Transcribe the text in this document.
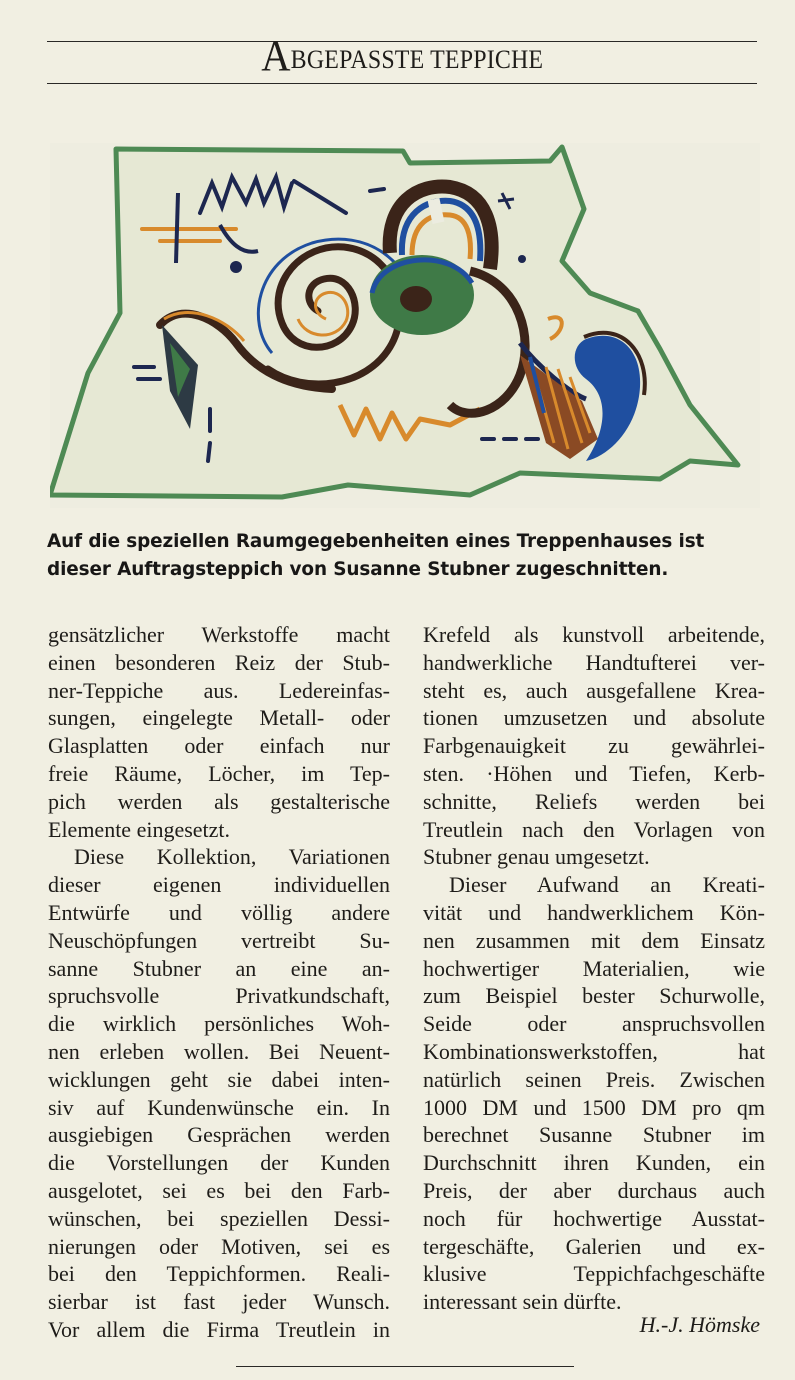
ABGEPASSTE TEPPICHE
Auf die speziellen Raumgegebenheiten eines Treppenhauses ist
dieser Auftragsteppich von Susanne Stubner zugeschnitten.
gensätzlicher Werkstoffe macht
einen besonderen Reiz der Stub-
ner-Teppiche aus. Ledereinfas-
sungen, eingelegte Metall- oder
Glasplatten oder einfach nur
freie Räume, Löcher, im Tep-
pich werden als gestalterische
Elemente eingesetzt.
Diese Kollektion, Variationen
dieser eigenen individuellen
Entwürfe und völlig andere
Neuschöpfungen vertreibt Su-
sanne Stubner an eine an-
spruchsvolle Privatkundschaft,
die wirklich persönliches Woh-
nen erleben wollen. Bei Neuent-
wicklungen geht sie dabei inten-
siv auf Kundenwünsche ein. In
ausgiebigen Gesprächen werden
die Vorstellungen der Kunden
ausgelotet, sei es bei den Farb-
wünschen, bei speziellen Dessi-
nierungen oder Motiven, sei es
bei den Teppichformen. Reali-
sierbar ist fast jeder Wunsch.
Vor allem die Firma Treutlein in
Krefeld als kunstvoll arbeitende,
handwerkliche Handtufterei ver-
steht es, auch ausgefallene Krea-
tionen umzusetzen und absolute
Farbgenauigkeit zu gewährlei-
sten. ·Höhen und Tiefen, Kerb-
schnitte, Reliefs werden bei
Treutlein nach den Vorlagen von
Stubner genau umgesetzt.
Dieser Aufwand an Kreati-
vität und handwerklichem Kön-
nen zusammen mit dem Einsatz
hochwertiger Materialien, wie
zum Beispiel bester Schurwolle,
Seide oder anspruchsvollen
Kombinationswerkstoffen, hat
natürlich seinen Preis. Zwischen
1000 DM und 1500 DM pro qm
berechnet Susanne Stubner im
Durchschnitt ihren Kunden, ein
Preis, der aber durchaus auch
noch für hochwertige Ausstat-
tergeschäfte, Galerien und ex-
klusive Teppichfachgeschäfte
interessant sein dürfte.
H.-J. Hömske
